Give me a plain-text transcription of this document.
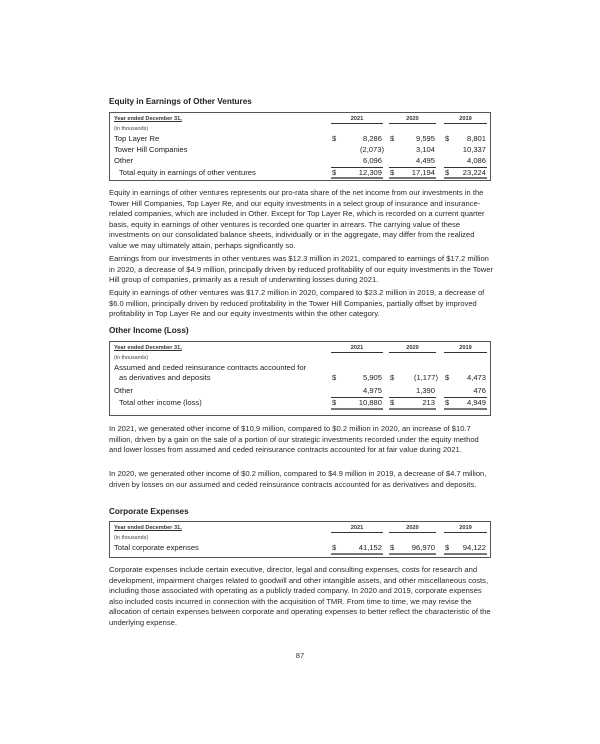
Equity in Earnings of Other Ventures
Year ended December 31,	2021	2020	2019
(in thousands)
Top Layer Re	$	8,286 $	9,595 $	8,801
Tower Hill Companies	(2,073)	3,104	10,337
Other	6,096	4,495	4,086
Total equity in earnings of other ventures	$	12,309 $	17,194 $	23,224

Equity in earnings of other ventures represents our pro-rata share of the net income from our investments in the Tower Hill Companies, Top Layer Re, and our equity investments in a select group of insurance and insurance-related companies, which are included in Other. Except for Top Layer Re, which is recorded on a current quarter basis, equity in earnings of other ventures is recorded one quarter in arrears. The carrying value of these investments on our consolidated balance sheets, individually or in the aggregate, may differ from the realized value we may ultimately attain, perhaps significantly so.

Earnings from our investments in other ventures was $12.3 million in 2021, compared to earnings of $17.2 million in 2020, a decrease of $4.9 million, principally driven by reduced profitability of our equity investments in the Tower Hill group of companies, primarily as a result of underwriting losses during 2021.

Equity in earnings of other ventures was $17.2 million in 2020, compared to $23.2 million in 2019, a decrease of $6.0 million, principally driven by reduced profitability in the Tower Hill Companies, partially offset by improved profitability in Top Layer Re and our equity investments within the other category.

Other Income (Loss)
Year ended December 31,	2021	2020	2019
(in thousands)
Assumed and ceded reinsurance contracts accounted for
as derivatives and deposits	$	5,905 $	(1,177) $	4,473
Other	4,975	1,390	476
Total other income (loss)	$	10,880 $	213 $	4,949

In 2021, we generated other income of $10.9 million, compared to $0.2 million in 2020, an increase of $10.7 million, driven by a gain on the sale of a portion of our strategic investments recorded under the equity method and lower losses from assumed and ceded reinsurance contracts accounted for at fair value during 2021.

In 2020, we generated other income of $0.2 million, compared to $4.9 million in 2019, a decrease of $4.7 million, driven by losses on our assumed and ceded reinsurance contracts accounted for as derivatives and deposits.

Corporate Expenses
Year ended December 31,	2021	2020	2019
(in thousands)
Total corporate expenses	$	41,152 $	96,970 $	94,122

Corporate expenses include certain executive, director, legal and consulting expenses, costs for research and development, impairment charges related to goodwill and other intangible assets, and other miscellaneous costs, including those associated with operating as a publicly traded company. In 2020 and 2019, corporate expenses also included costs incurred in connection with the acquisition of TMR. From time to time, we may revise the allocation of certain expenses between corporate and operating expenses to better reflect the characteristic of the underlying expense.

87
